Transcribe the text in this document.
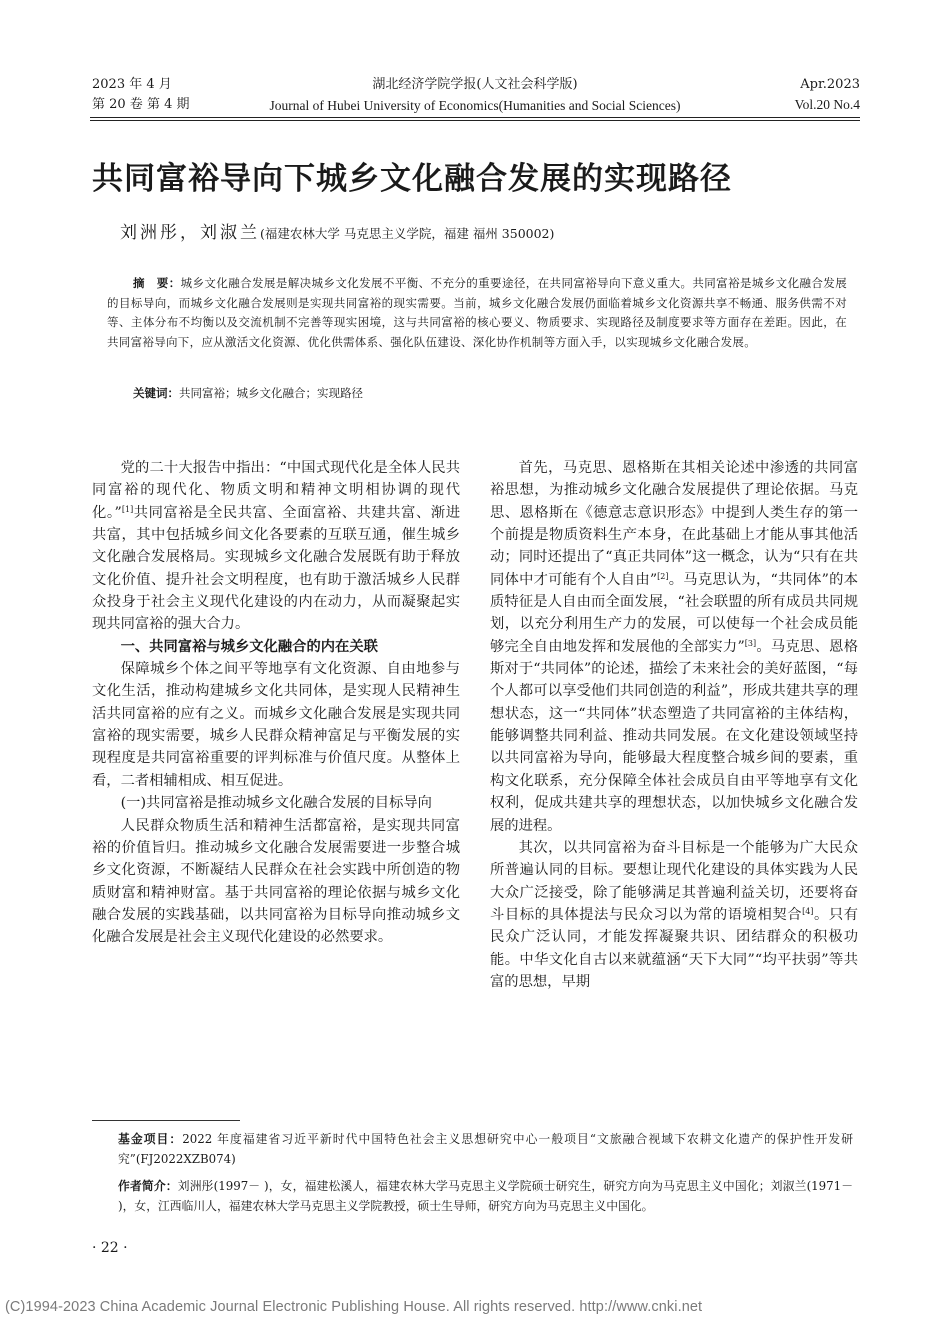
2023 年 4 月	湖北经济学院学报(人文社会科学版)	Apr.2023
第 20 卷 第 4 期	Journal of Hubei University of Economics(Humanities and Social Sciences)	Vol.20 No.4
共同富裕导向下城乡文化融合发展的实现路径
刘洲彤，刘淑兰(福建农林大学 马克思主义学院，福建 福州 350002)
摘　要：城乡文化融合发展是解决城乡文化发展不平衡、不充分的重要途径，在共同富裕导向下意义重大。共同富裕是城乡文化融合发展的目标导向，而城乡文化融合发展则是实现共同富裕的现实需要。当前，城乡文化融合发展仍面临着城乡文化资源共享不畅通、服务供需不对等、主体分布不均衡以及交流机制不完善等现实困境，这与共同富裕的核心要义、物质要求、实现路径及制度要求等方面存在差距。因此，在共同富裕导向下，应从激活文化资源、优化供需体系、强化队伍建设、深化协作机制等方面入手，以实现城乡文化融合发展。
关键词：共同富裕；城乡文化融合；实现路径

党的二十大报告中指出：“中国式现代化是全体人民共同富裕的现代化、物质文明和精神文明相协调的现代化。”[1]共同富裕是全民共富、全面富裕、共建共富、渐进共富，其中包括城乡间文化各要素的互联互通，催生城乡文化融合发展格局。实现城乡文化融合发展既有助于释放文化价值、提升社会文明程度，也有助于激活城乡人民群众投身于社会主义现代化建设的内在动力，从而凝聚起实现共同富裕的强大合力。

一、共同富裕与城乡文化融合的内在关联

保障城乡个体之间平等地享有文化资源、自由地参与文化生活，推动构建城乡文化共同体，是实现人民精神生活共同富裕的应有之义。而城乡文化融合发展是实现共同富裕的现实需要，城乡人民群众精神富足与平衡发展的实现程度是共同富裕重要的评判标准与价值尺度。从整体上看，二者相辅相成、相互促进。

(一)共同富裕是推动城乡文化融合发展的目标导向

人民群众物质生活和精神生活都富裕，是实现共同富裕的价值旨归。推动城乡文化融合发展需要进一步整合城乡文化资源，不断凝结人民群众在社会实践中所创造的物质财富和精神财富。基于共同富裕的理论依据与城乡文化融合发展的实践基础，以共同富裕为目标导向推动城乡文化融合发展是社会主义现代化建设的必然要求。

首先，马克思、恩格斯在其相关论述中渗透的共同富裕思想，为推动城乡文化融合发展提供了理论依据。马克思、恩格斯在《德意志意识形态》中提到人类生存的第一个前提是物质资料生产本身，在此基础上才能从事其他活动；同时还提出了“真正共同体”这一概念，认为“只有在共同体中才可能有个人自由”[2]。马克思认为，“共同体”的本质特征是人自由而全面发展，“社会联盟的所有成员共同规划，以充分利用生产力的发展，可以使每一个社会成员能够完全自由地发挥和发展他的全部实力”[3]。马克思、恩格斯对于“共同体”的论述，描绘了未来社会的美好蓝图，“每个人都可以享受他们共同创造的利益”，形成共建共享的理想状态，这一“共同体”状态塑造了共同富裕的主体结构，能够调整共同利益、推动共同发展。在文化建设领域坚持以共同富裕为导向，能够最大程度整合城乡间的要素，重构文化联系，充分保障全体社会成员自由平等地享有文化权利，促成共建共享的理想状态，以加快城乡文化融合发展的进程。

其次，以共同富裕为奋斗目标是一个能够为广大民众所普遍认同的目标。要想让现代化建设的具体实践为人民大众广泛接受，除了能够满足其普遍利益关切，还要将奋斗目标的具体提法与民众习以为常的语境相契合[4]。只有民众广泛认同，才能发挥凝聚共识、团结群众的积极功能。中华文化自古以来就蕴涵“天下大同”“均平扶弱”等共富的思想，早期

基金项目：2022 年度福建省习近平新时代中国特色社会主义思想研究中心一般项目“文旅融合视域下农耕文化遗产的保护性开发研究”(FJ2022XZB074)
作者简介：刘洲彤(1997－ )，女，福建松溪人，福建农林大学马克思主义学院硕士研究生，研究方向为马克思主义中国化；刘淑兰(1971－ )，女，江西临川人，福建农林大学马克思主义学院教授，硕士生导师，研究方向为马克思主义中国化。
· 22 ·
(C)1994-2023 China Academic Journal Electronic Publishing House. All rights reserved. http://www.cnki.net
